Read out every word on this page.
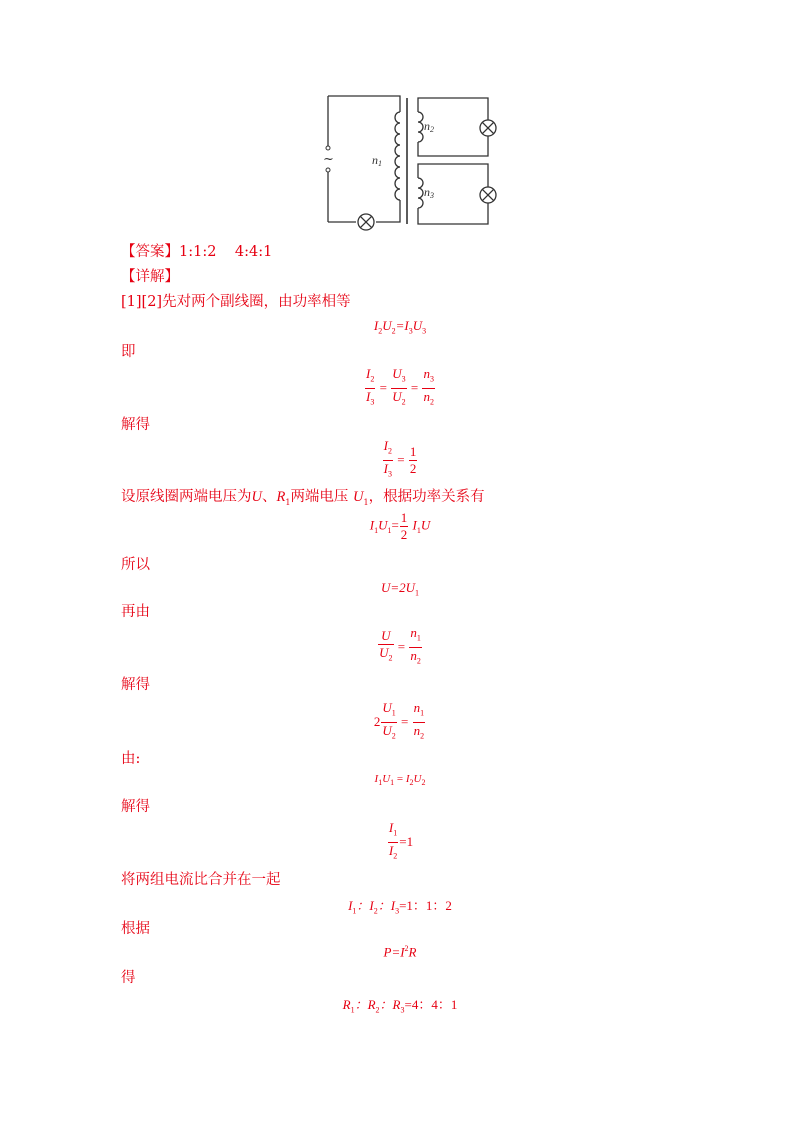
~	n1
n2
n3
【答案】1:1:2    4:4:1
【详解】
[1][2]先对两个副线圈，由功率相等
$I_2U_2=I_3U_3$
即
$\frac{I_2}{I_3} = \frac{U_3}{U_2} = \frac{n_3}{n_2}$
解得
$\frac{I_2}{I_3} = \frac{1}{2}$
设原线圈两端电压为U、$R_1$两端电压 $U_1$，根据功率关系有
$I_1U_1= \frac{1}{2} I_1U$
所以
$U=2U_1$
再由
$\frac{U}{U_2} = \frac{n_1}{n_2}$
解得
$2 \frac{U_1}{U_2} = \frac{n_1}{n_2}$
由:
$I_1U_1 = I_2U_2$
解得
$\frac{I_1}{I_2} =1$
将两组电流比合并在一起
$I_1$：$I_2$：$I_3=1$：1：2
根据
$P=I^2R$
得
$R_1$：$R_2$：$R_3=4$：4：1
